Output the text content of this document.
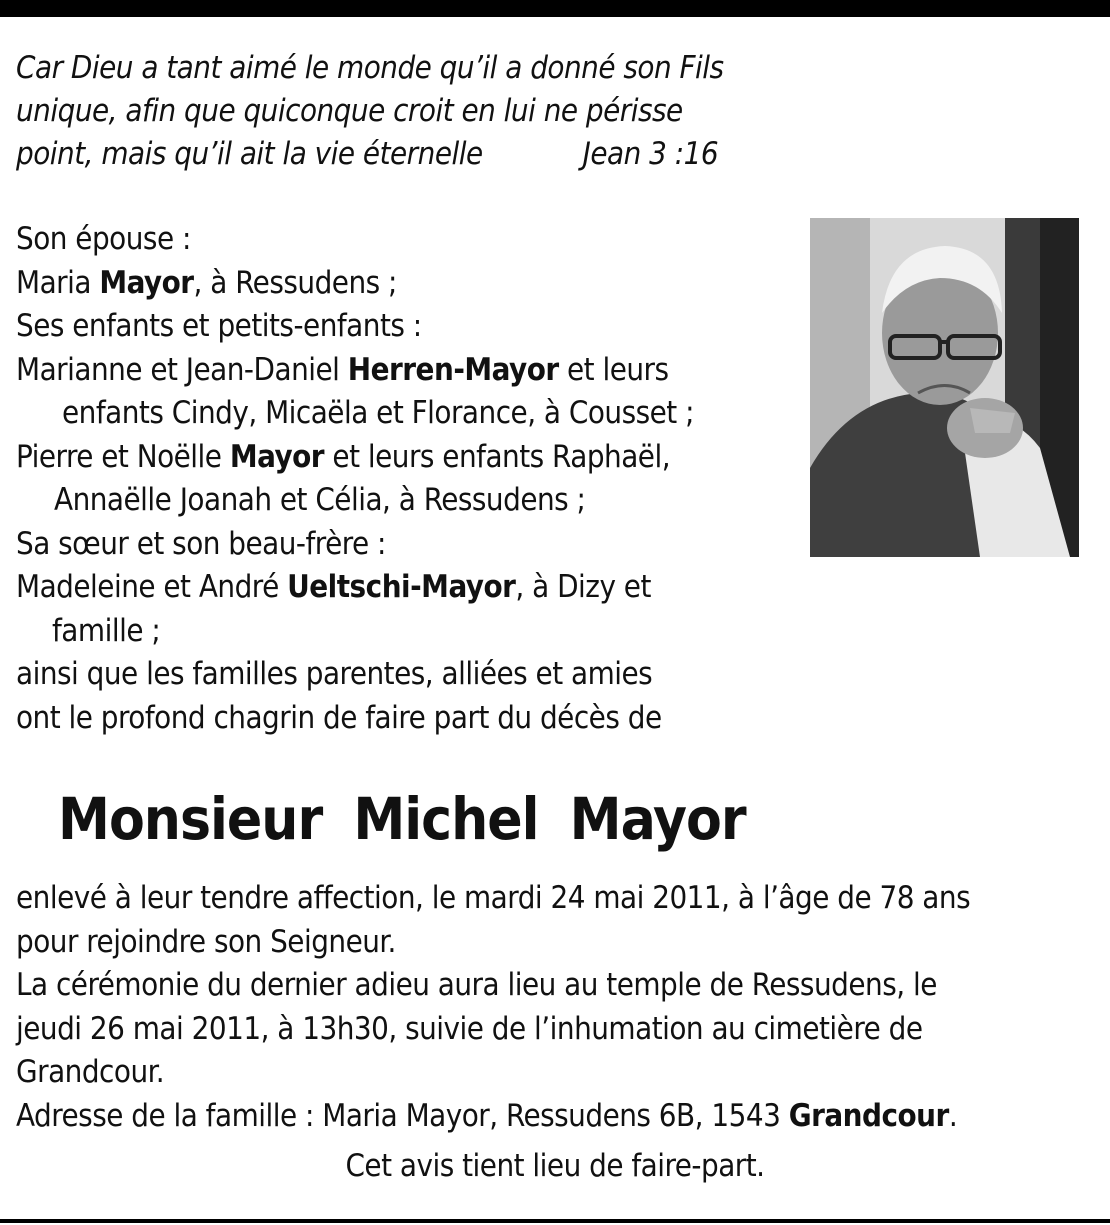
Car Dieu a tant aimé le monde qu’il a donné son Fils
unique, afin que quiconque croit en lui ne périsse
point, mais qu’il ait la vie éternelle	Jean 3 :16
Son épouse :
Maria Mayor, à Ressudens ;
Ses enfants et petits-enfants :
Marianne et Jean-Daniel Herren-Mayor et leurs
enfants Cindy, Micaëla et Florance, à Cousset ;
Pierre et Noëlle Mayor et leurs enfants Raphaël,
Annaëlle Joanah et Célia, à Ressudens ;
Sa sœur et son beau-frère :
Madeleine et André Ueltschi-Mayor, à Dizy et
famille ;
ainsi que les familles parentes, alliées et amies
ont le profond chagrin de faire part du décès de
Monsieur Michel Mayor
enlevé à leur tendre affection, le mardi 24 mai 2011, à l’âge de 78 ans
pour rejoindre son Seigneur.
La cérémonie du dernier adieu aura lieu au temple de Ressudens, le
jeudi 26 mai 2011, à 13h30, suivie de l’inhumation au cimetière de
Grandcour.
Adresse de la famille : Maria Mayor, Ressudens 6B, 1543 Grandcour.
Cet avis tient lieu de faire-part.
